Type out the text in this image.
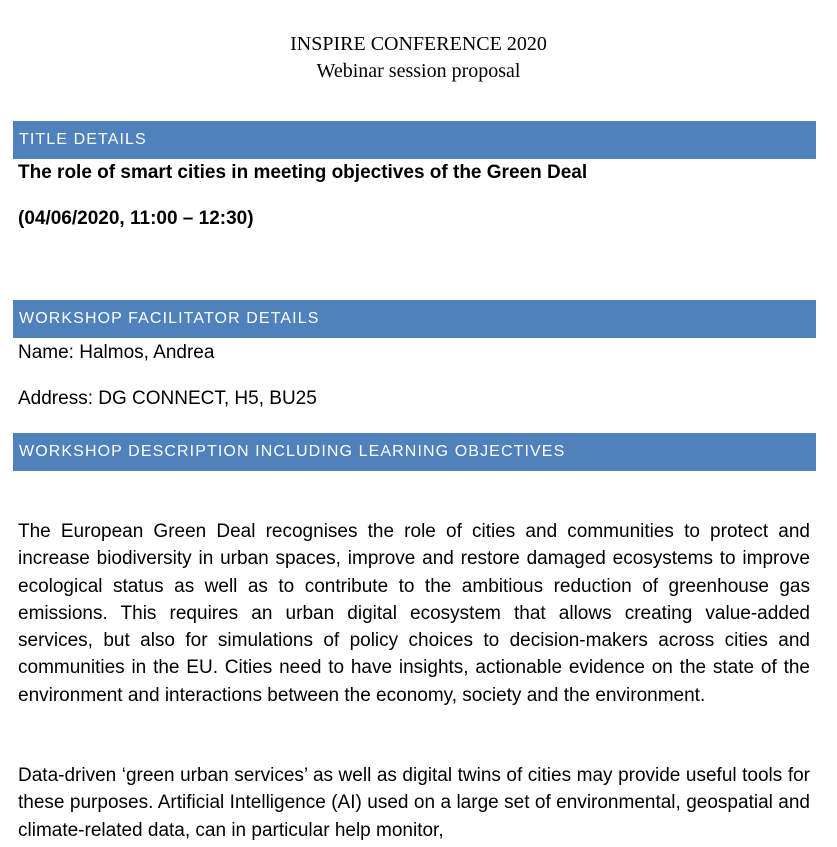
INSPIRE CONFERENCE 2020
Webinar session proposal
TITLE DETAILS
The role of smart cities in meeting objectives of the Green Deal
(04/06/2020, 11:00 – 12:30)
WORKSHOP FACILITATOR DETAILS
Name: Halmos, Andrea
Address: DG CONNECT, H5, BU25
WORKSHOP DESCRIPTION INCLUDING LEARNING OBJECTIVES
The European Green Deal recognises the role of cities and communities to protect and increase biodiversity in urban spaces, improve and restore damaged ecosystems to improve ecological status as well as to contribute to the ambitious reduction of greenhouse gas emissions. This requires an urban digital ecosystem that allows creating value-added services, but also for simulations of policy choices to decision-makers across cities and communities in the EU. Cities need to have insights, actionable evidence on the state of the environment and interactions between the economy, society and the environment.
Data-driven ‘green urban services’ as well as digital twins of cities may provide useful tools for these purposes. Artificial Intelligence (AI) used on a large set of environmental, geospatial and climate-related data, can in particular help monitor,
